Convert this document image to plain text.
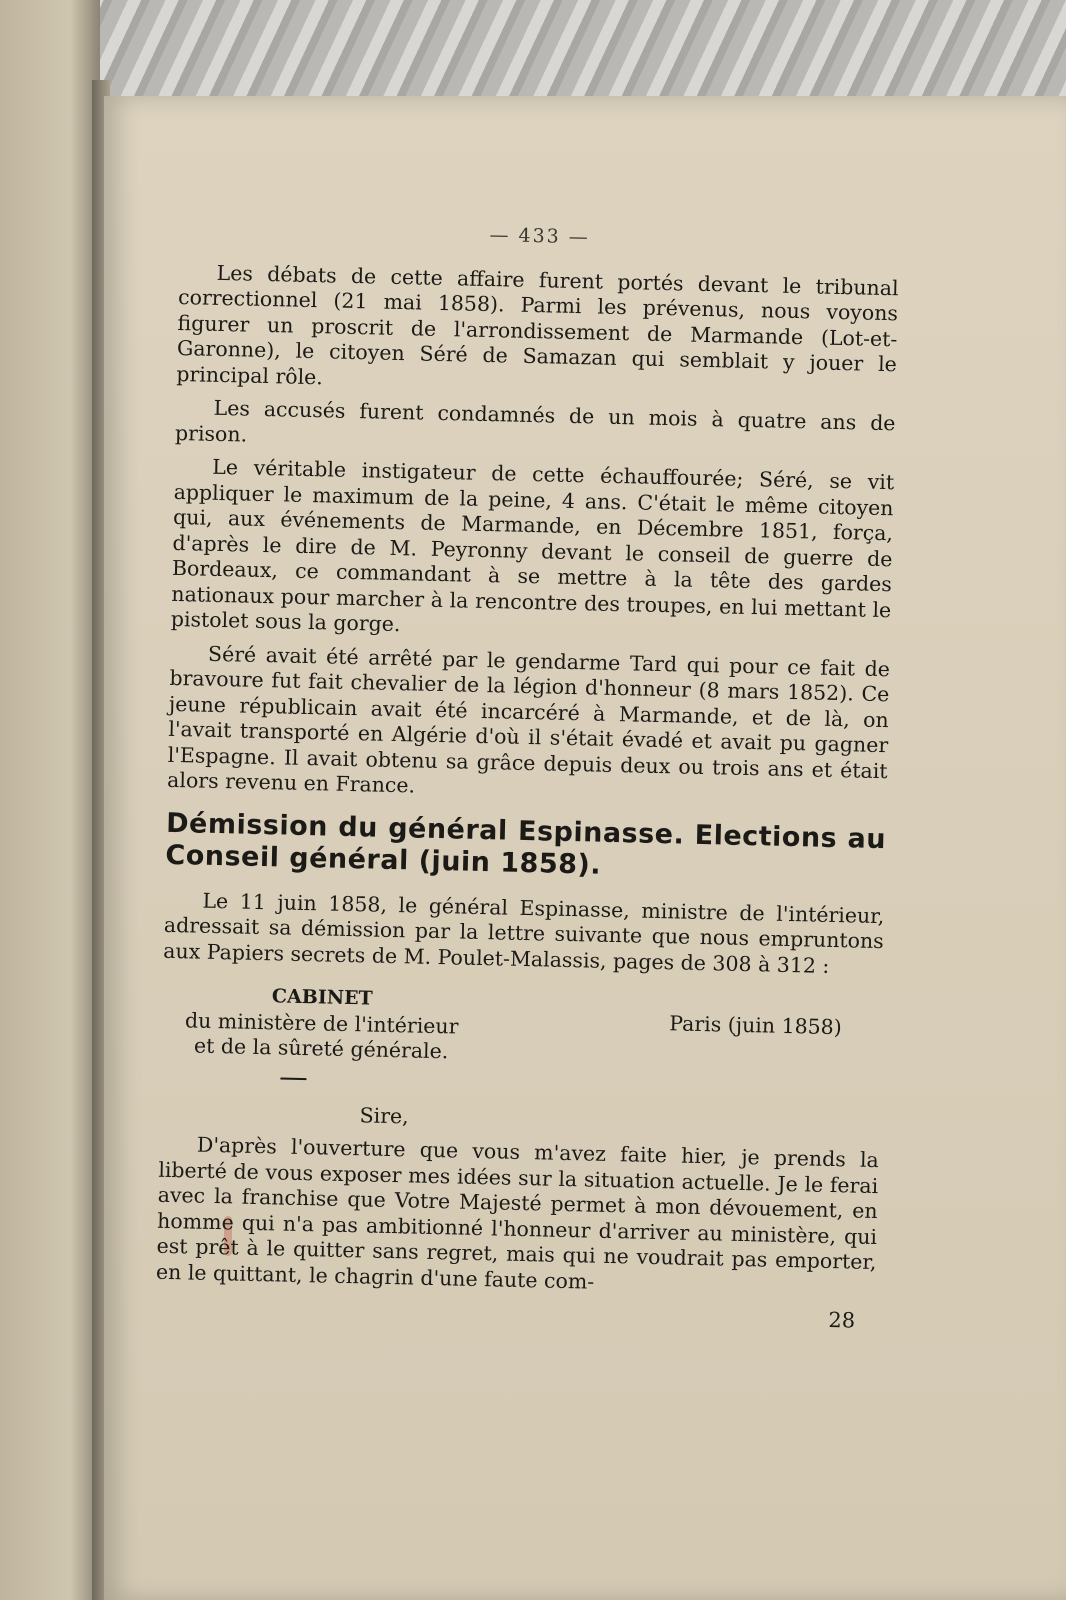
— 433 —

Les débats de cette affaire furent portés devant le tribunal correctionnel (21 mai 1858). Parmi les prévenus, nous voyons figurer un proscrit de l'arrondissement de Marmande (Lot-et-Garonne), le citoyen Séré de Samazan qui semblait y jouer le principal rôle.

Les accusés furent condamnés de un mois à quatre ans de prison.

Le véritable instigateur de cette échauffourée; Séré, se vit appliquer le maximum de la peine, 4 ans. C'était le même citoyen qui, aux événements de Marmande, en Décembre 1851, força, d'après le dire de M. Peyronny devant le conseil de guerre de Bordeaux, ce commandant à se mettre à la tête des gardes nationaux pour marcher à la rencontre des troupes, en lui mettant le pistolet sous la gorge.

Séré avait été arrêté par le gendarme Tard qui pour ce fait de bravoure fut fait chevalier de la légion d'honneur (8 mars 1852). Ce jeune républicain avait été incarcéré à Marmande, et de là, on l'avait transporté en Algérie d'où il s'était évadé et avait pu gagner l'Espagne. Il avait obtenu sa grâce depuis deux ou trois ans et était alors revenu en France.

Démission du général Espinasse. Elections au Conseil général (juin 1858).

Le 11 juin 1858, le général Espinasse, ministre de l'intérieur, adressait sa démission par la lettre suivante que nous empruntons aux Papiers secrets de M. Poulet-Malassis, pages de 308 à 312 :

CABINET
du ministère de l'intérieur
et de la sûreté générale.
Paris (juin 1858)
Sire,

D'après l'ouverture que vous m'avez faite hier, je prends la liberté de vous exposer mes idées sur la situation actuelle. Je le ferai avec la franchise que Votre Majesté permet à mon dévouement, en homme qui n'a pas ambitionné l'honneur d'arriver au ministère, qui est prêt à le quitter sans regret, mais qui ne voudrait pas emporter, en le quittant, le chagrin d'une faute com-

28
